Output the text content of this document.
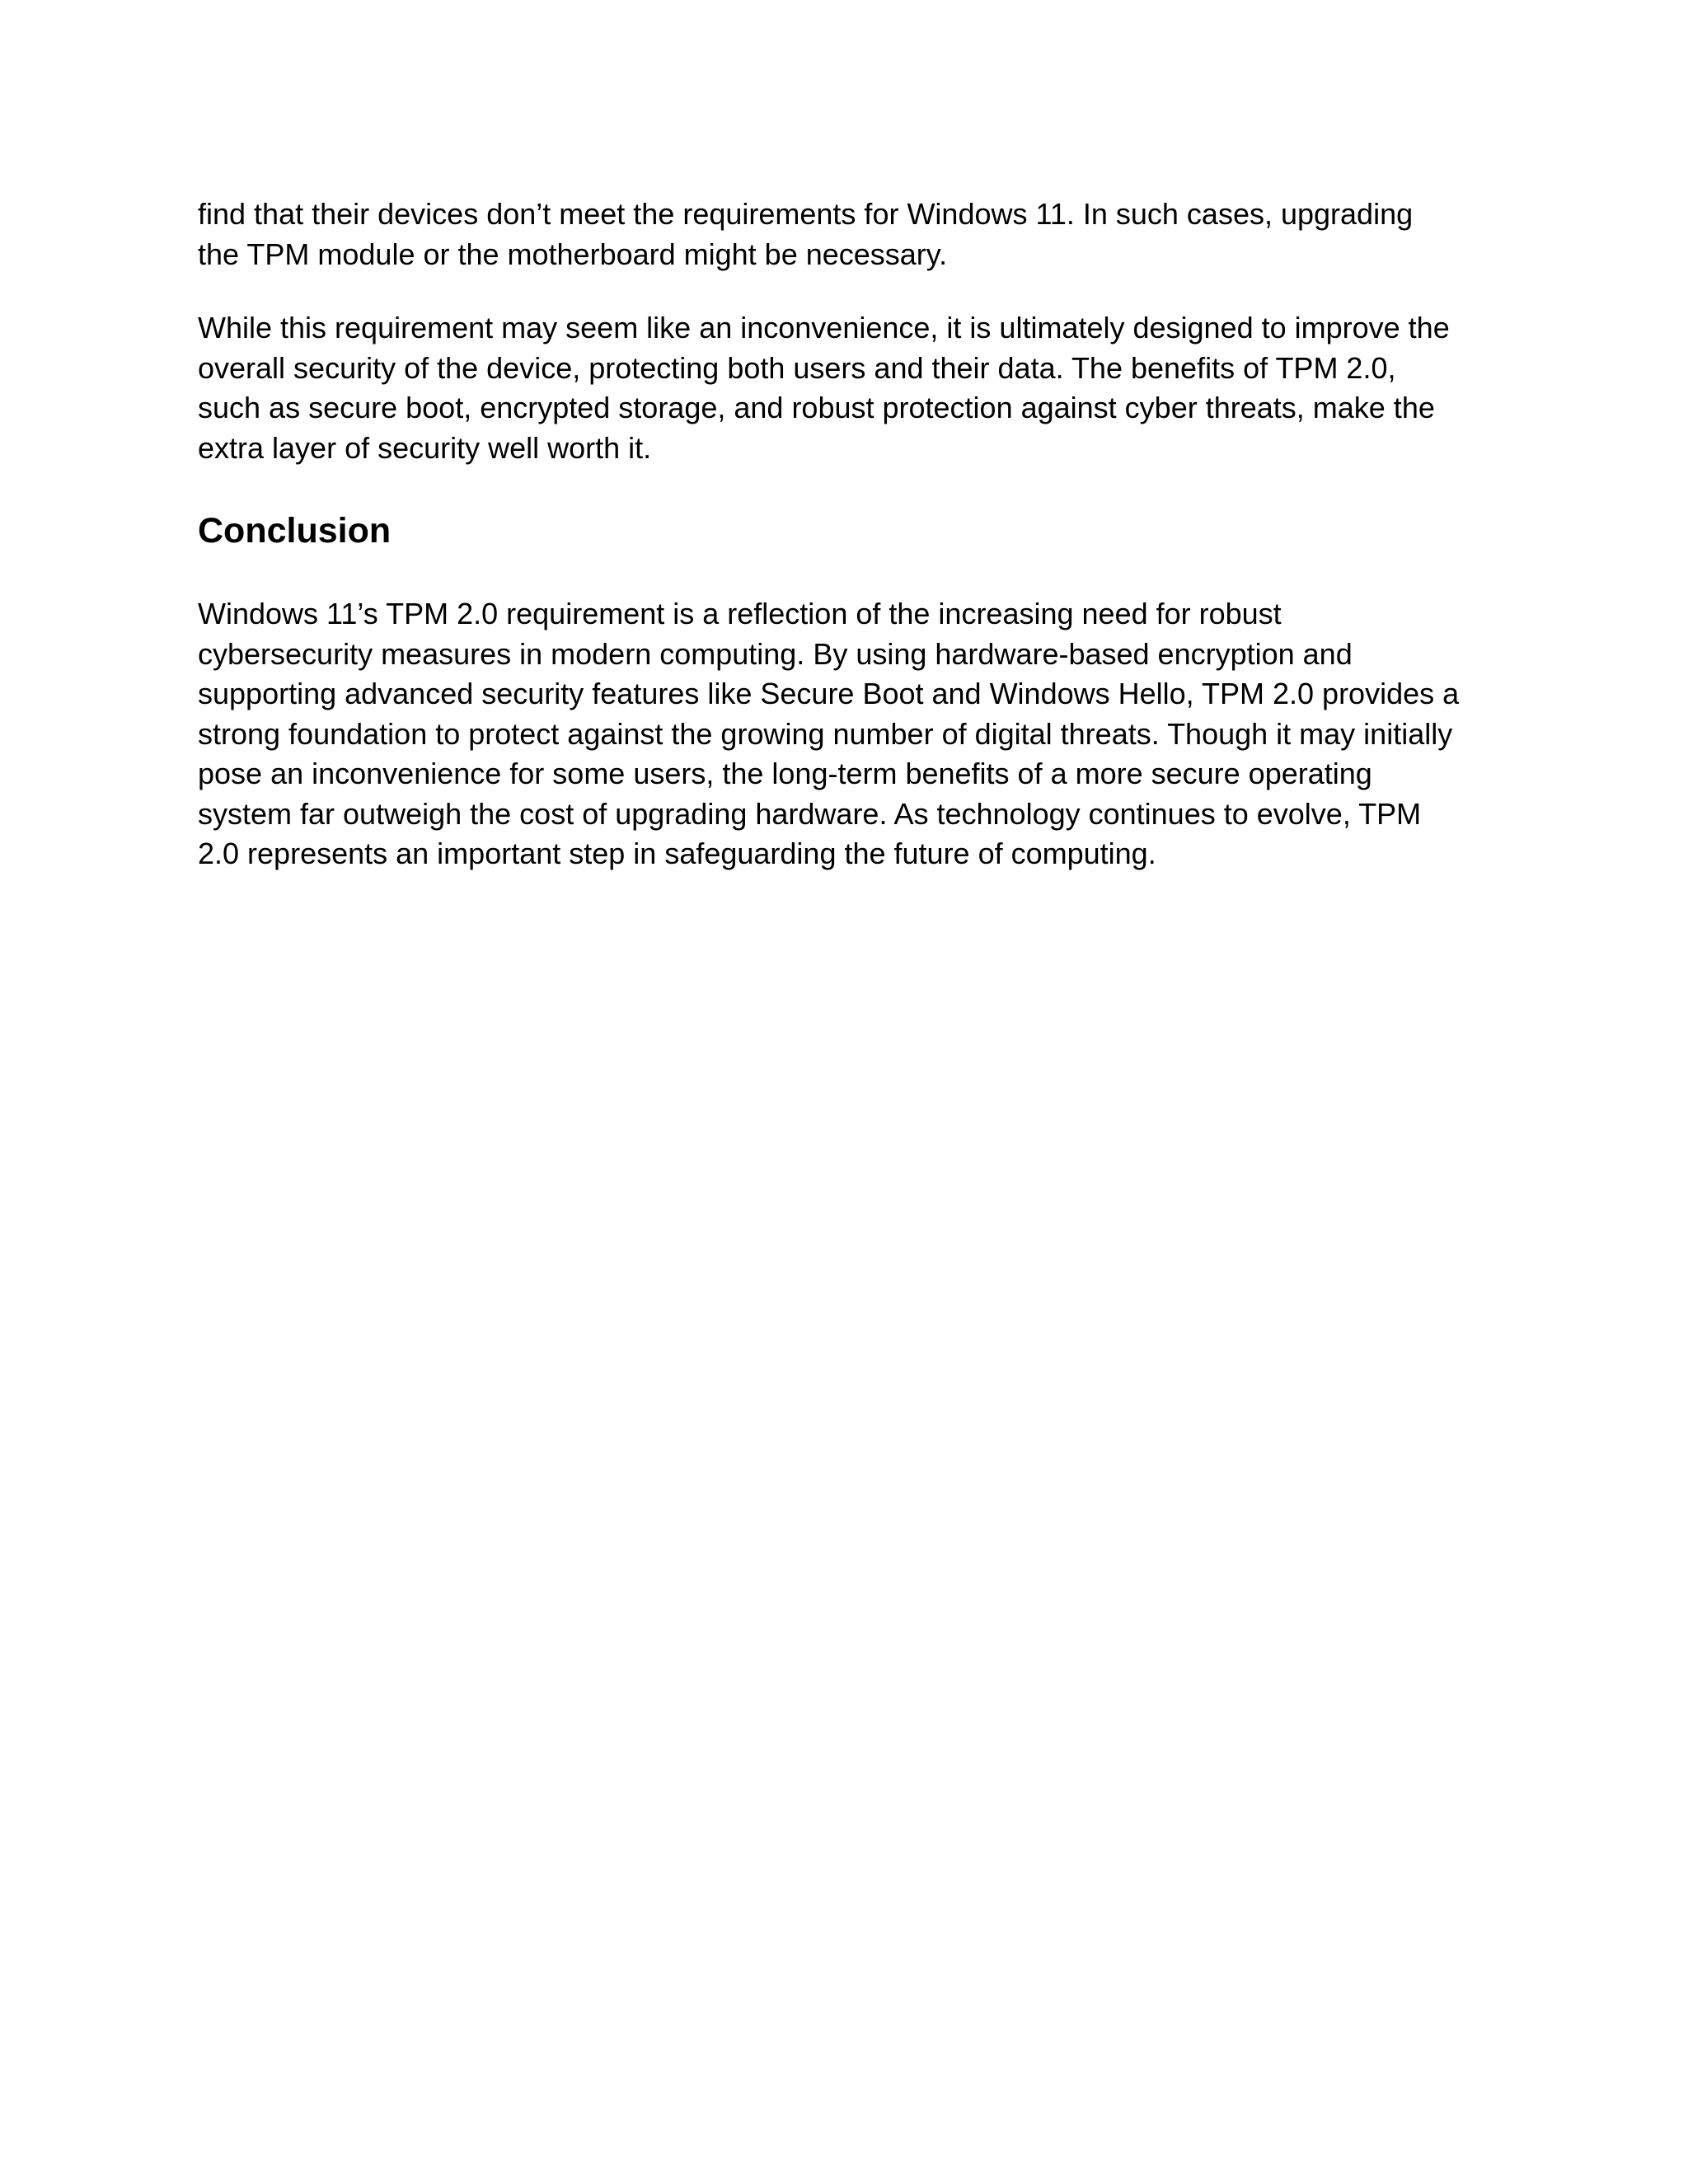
find that their devices don’t meet the requirements for Windows 11. In such cases, upgrading
the TPM module or the motherboard might be necessary.

While this requirement may seem like an inconvenience, it is ultimately designed to improve the
overall security of the device, protecting both users and their data. The benefits of TPM 2.0,
such as secure boot, encrypted storage, and robust protection against cyber threats, make the
extra layer of security well worth it.

Conclusion

Windows 11’s TPM 2.0 requirement is a reflection of the increasing need for robust
cybersecurity measures in modern computing. By using hardware-based encryption and
supporting advanced security features like Secure Boot and Windows Hello, TPM 2.0 provides a
strong foundation to protect against the growing number of digital threats. Though it may initially
pose an inconvenience for some users, the long-term benefits of a more secure operating
system far outweigh the cost of upgrading hardware. As technology continues to evolve, TPM
2.0 represents an important step in safeguarding the future of computing.
